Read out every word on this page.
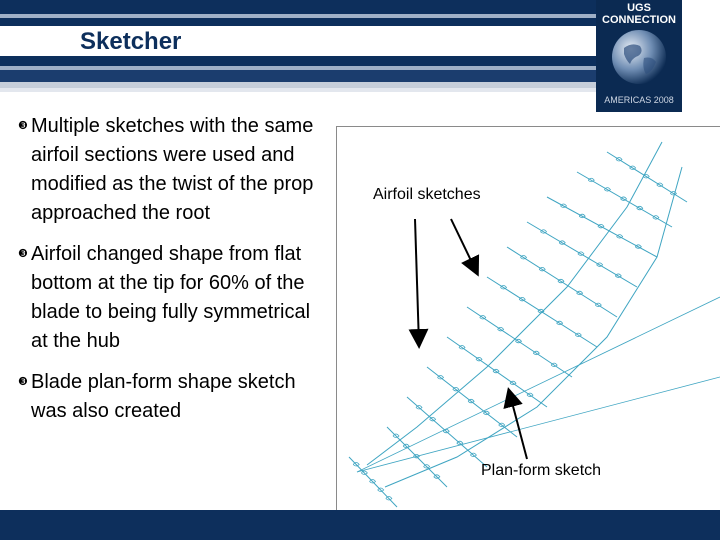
Sketcher
UGS
CONNECTION
AMERICAS 2008
❸ Multiple sketches with the same airfoil sections were used and modified as the twist of the prop approached the root
❸ Airfoil changed shape from flat bottom at the tip for 60% of the blade to being fully symmetrical at the hub
❸ Blade plan-form shape sketch was also created
Airfoil sketches
Plan-form sketch
